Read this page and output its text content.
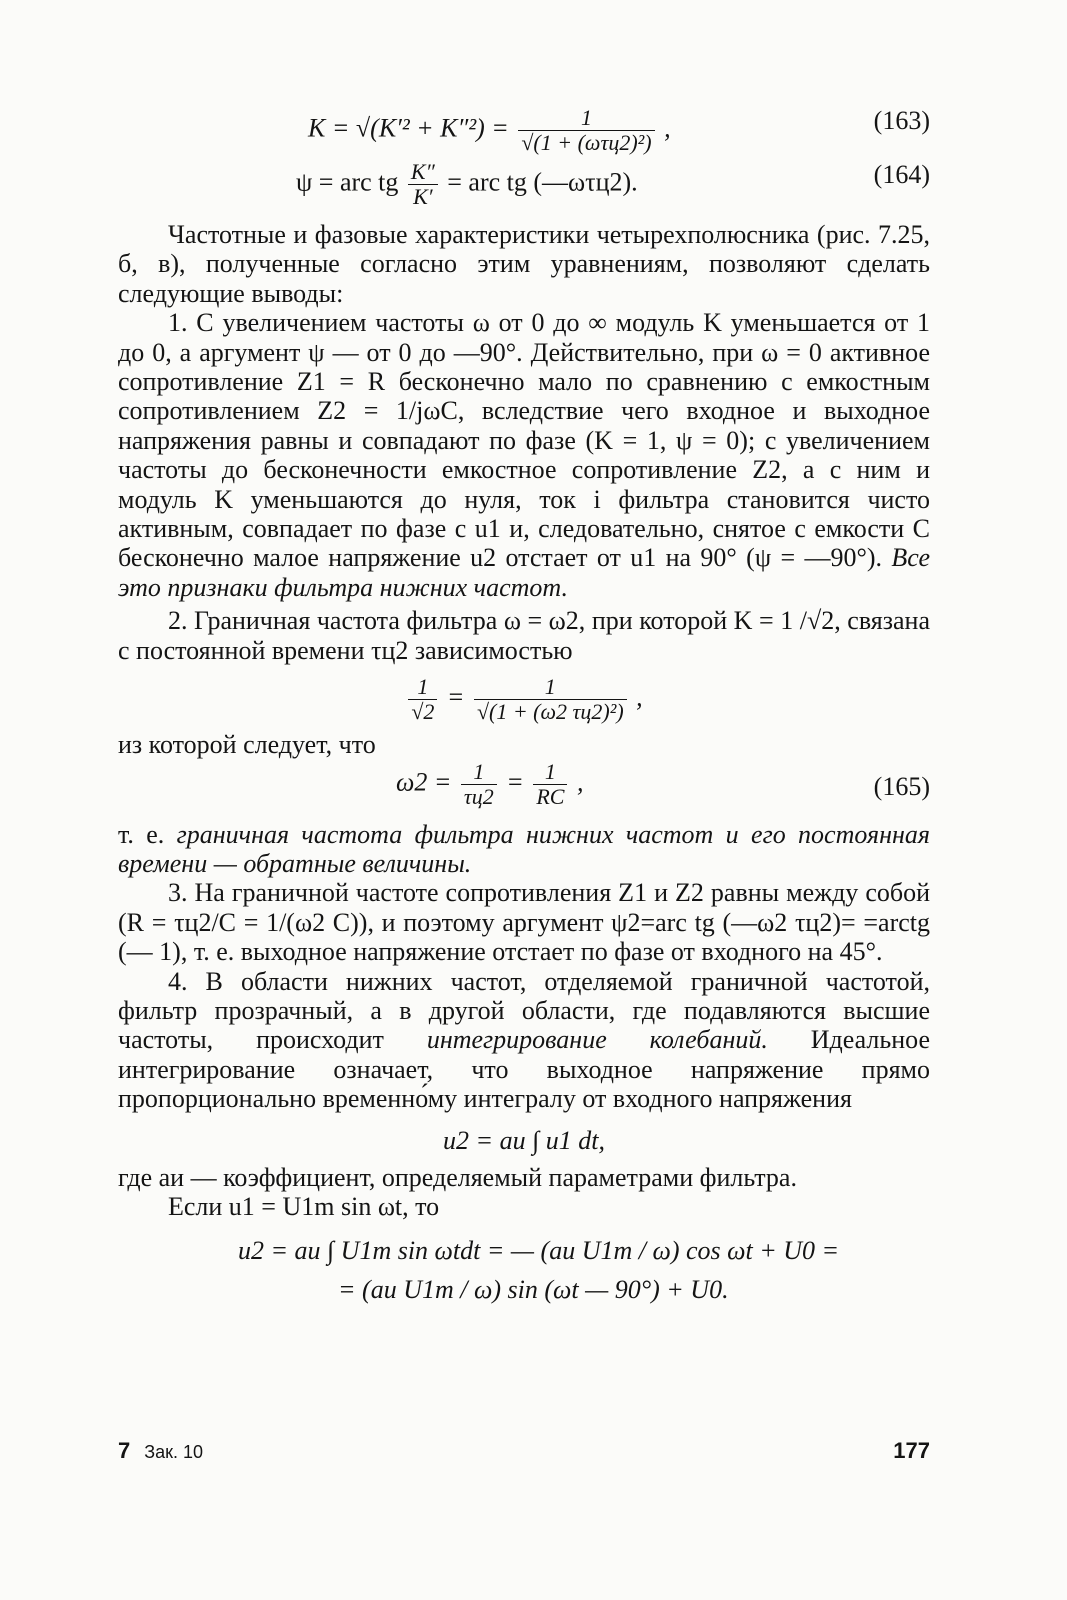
$K = √(K'^2 + K''^2) = \frac{1}{\text{√(1 + (ωτц2)²)}}$ ,	(163)
ψ = arc tg $\frac{K''}{K'}$ = arc tg (—ωτц2).	(164)

Частотные и фазовые характеристики четырехполюсника (рис. 7.25, б, в), полученные согласно этим уравнениям, позволяют сделать следующие выводы:

1. С увеличением частоты ω от 0 до ∞ модуль K уменьшается от 1 до 0, а аргумент ψ — от 0 до —90°. Действительно, при ω = 0 активное сопротивление Z1 = R бесконечно мало по сравнению с емкостным сопротивлением Z2 = 1/jωC, вследствие чего входное и выходное напряжения равны и совпадают по фазе (K = 1, ψ = 0); с увеличением частоты до бесконечности емкостное сопротивление Z2, а с ним и модуль K уменьшаются до нуля, ток i фильтра становится чисто активным, совпадает по фазе с u1 и, следовательно, снятое с емкости C бесконечно малое напряжение u2 отстает от u1 на 90° (ψ = —90°). Все это признаки фильтра нижних частот.

2. Граничная частота фильтра ω = ω2, при которой K = 1 /√2, связана с постоянной времени τц2 зависимостью

$\frac{1}{√2} = \frac{1}{\text{√(1 + (ω2 τц2)²)}}$ ,

из которой следует, что

$\omega 2 = \frac{1}{\tau ц2} = \frac{1}{RC}$ ,	(165)

т. е. граничная частота фильтра нижних частот и его постоянная времени — обратные величины.

3. На граничной частоте сопротивления Z1 и Z2 равны между собой (R = τц2/C = 1/(ω2 C)), и поэтому аргумент ψ2=arc tg (—ω2 τц2)= =arctg (— 1), т. е. выходное напряжение отстает по фазе от входного на 45°.

4. В области нижних частот, отделяемой граничной частотой, фильтр прозрачный, а в другой области, где подавляются высшие частоты, происходит интегрирование колебаний. Идеальное интегрирование означает, что выходное напряжение прямо пропорционально временно́му интегралу от входного напряжения

u2 = aи ∫ u1 dt,

где aи — коэффициент, определяемый параметрами фильтра.

Если u1 = U1m sin ωt, то

u2 = aи ∫ U1m sin ωtdt = — (aи U1m / ω) cos ωt + U0 =
= (aи U1m / ω) sin (ωt — 90°) + U0.
7 Зак. 10	177
